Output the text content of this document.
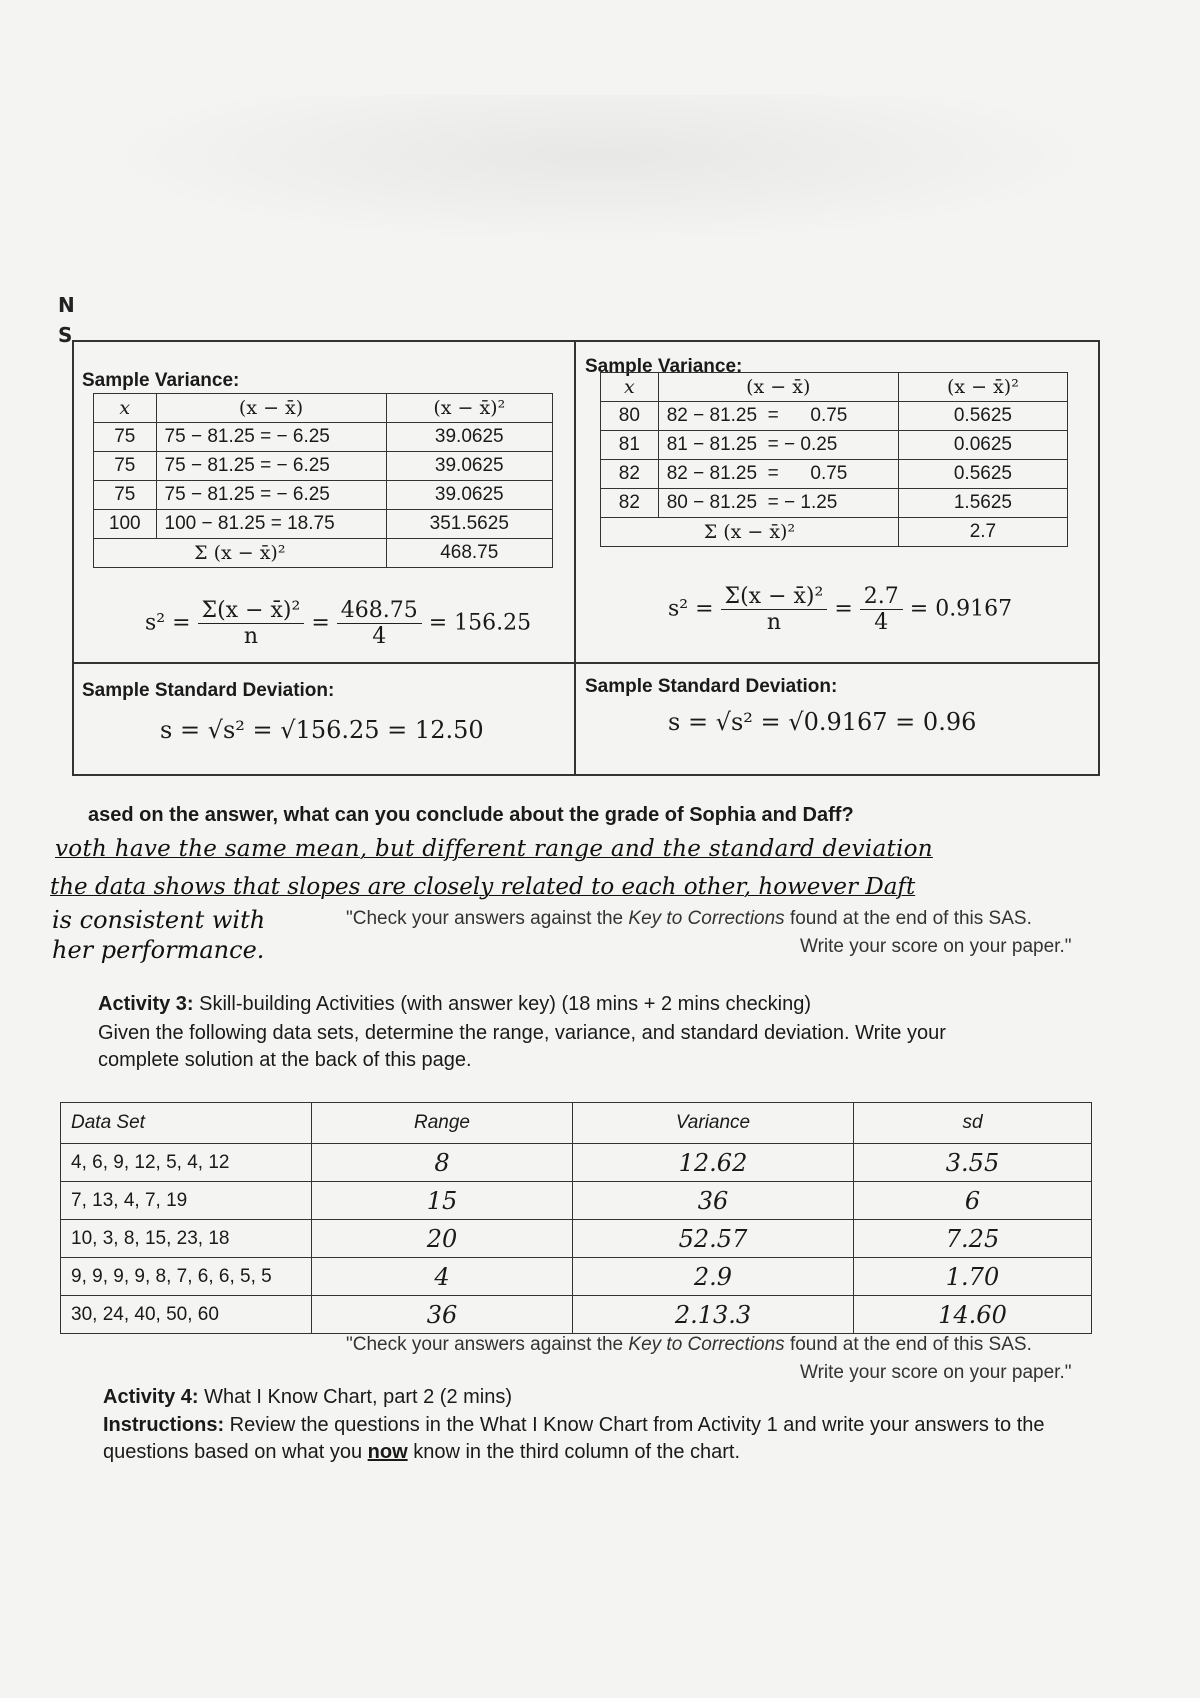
N
S
Sample Variance:
x	(x − x̄)	(x − x̄)²
75	75 − 81.25 = − 6.25	39.0625
75	75 − 81.25 = − 6.25	39.0625
75	75 − 81.25 = − 6.25	39.0625
100	100 − 81.25 = 18.75	351.5625
Σ (x − x̄)²		468.75
$s^2 = \frac{\text{Σ(x − x̄)²}}{n} = \frac{468.75}{4} = 156.25$
Sample Standard Deviation:
s = √s² = √156.25 = 12.50
Sample Variance:
x	(x − x̄)	(x − x̄)²
80	82 − 81.25  =      0.75	0.5625
81	81 − 81.25  = − 0.25	0.0625
82	82 − 81.25  =      0.75	0.5625
82	80 − 81.25  = − 1.25	1.5625
Σ (x − x̄)²		2.7
$s^2 = \frac{\text{Σ(x − x̄)²}}{n} = \frac{2.7}{4} = 0.9167$
Sample Standard Deviation:
s = √s² = √0.9167 = 0.96
ased on the answer, what can you conclude about the grade of Sophia and Daff?
voth have the same mean, but different range and the standard deviation
the data shows that slopes are closely related to each other, however Daft
is consistent with
her performance.
"Check your answers against the Key to Corrections found at the end of this SAS.
Write your score on your paper."
Activity 3: Skill-building Activities (with answer key) (18 mins + 2 mins checking)
Given the following data sets, determine the range, variance, and standard deviation. Write your
complete solution at the back of this page.
Data Set	Range	Variance	sd
4, 6, 9, 12, 5, 4, 12	8	12.62	3.55
7, 13, 4, 7, 19	15	36	6
10, 3, 8, 15, 23, 18	20	52.57	7.25
9, 9, 9, 9, 8, 7, 6, 6, 5, 5	4	2.9	1.70
30, 24, 40, 50, 60	36	2.13.3	14.60
"Check your answers against the Key to Corrections found at the end of this SAS.
Write your score on your paper."
Activity 4: What I Know Chart, part 2 (2 mins)
Instructions: Review the questions in the What I Know Chart from Activity 1 and write your answers to the
questions based on what you now know in the third column of the chart.
